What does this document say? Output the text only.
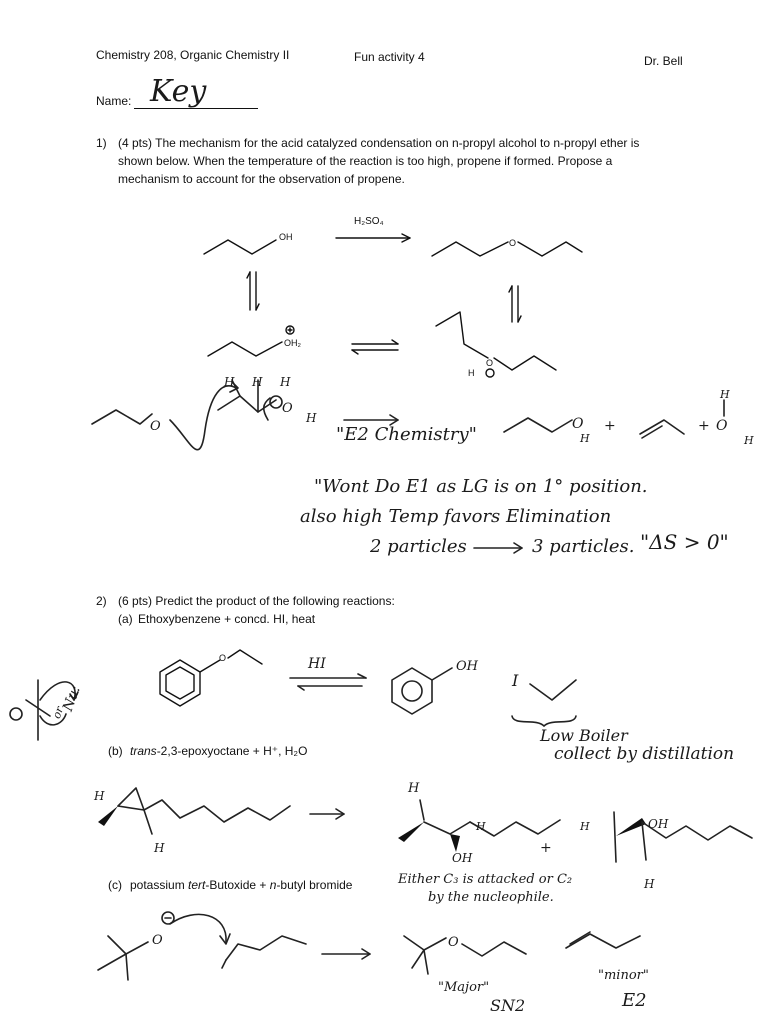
Chemistry 208, Organic Chemistry II	Fun activity 4	Dr. Bell
Name: Key
1) (4 pts) The mechanism for the acid catalyzed condensation on n-propyl alcohol to n-propyl ether is
shown below. When the temperature of the reaction is too high, propene if formed. Propose a
mechanism to account for the observation of propene.
OH
H₂SO₄
O
OH₂
O
H
O
H H H
O
H	O
H
+	+ O
H
H
O	HI	OH
I
H
H
H
OH
H
+
OH
H
H
O	O
"E2 Chemistry"
"Wont Do E1 as LG is on 1° position.
also high Temp favors Elimination
2 particles	3 particles. "ΔS > 0"
2) (6 pts) Predict the product of the following reactions:
(a) Ethoxybenzene + concd. HI, heat
Low Boiler
collect by distillation
Nu:
or
(b) trans-2,3-epoxyoctane + H⁺, H₂O
Either C₃ is attacked or C₂
by the nucleophile.
(c) potassium tert-Butoxide + n-butyl bromide
"Major"
SN2
"minor"
E2
